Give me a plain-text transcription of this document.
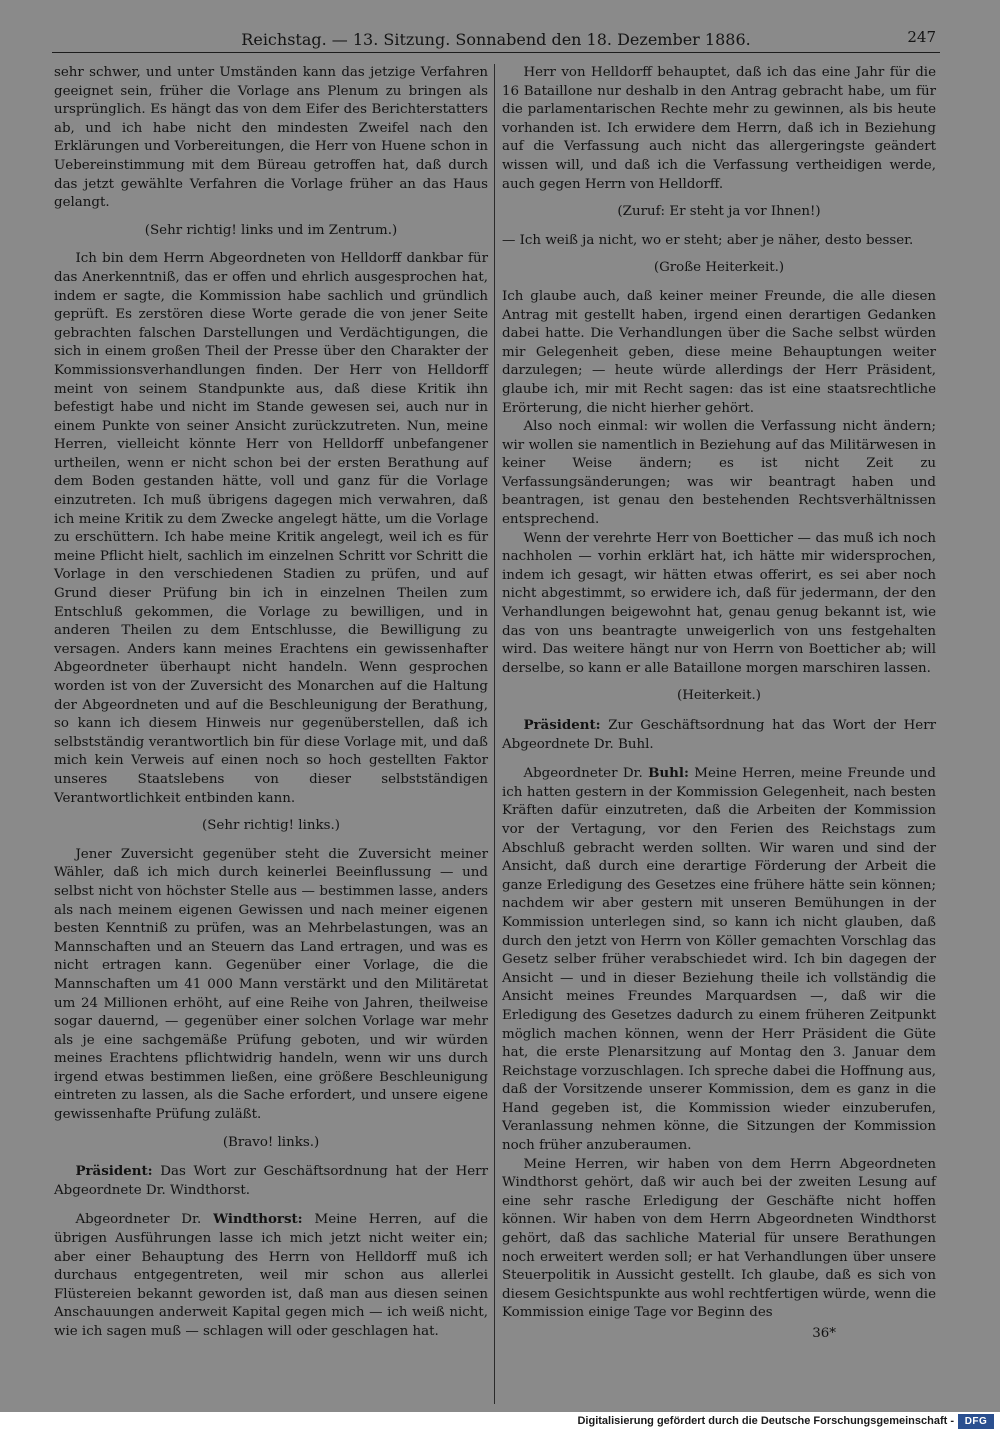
Reichstag. — 13. Sitzung. Sonnabend den 18. Dezember 1886.	247

sehr schwer, und unter Umständen kann das jetzige Verfahren geeignet sein, früher die Vorlage ans Plenum zu bringen als ursprünglich. Es hängt das von dem Eifer des Berichterstatters ab, und ich habe nicht den mindesten Zweifel nach den Erklärungen und Vorbereitungen, die Herr von Huene schon in Uebereinstimmung mit dem Büreau getroffen hat, daß durch das jetzt gewählte Verfahren die Vorlage früher an das Haus gelangt.

(Sehr richtig! links und im Zentrum.)

Ich bin dem Herrn Abgeordneten von Helldorff dankbar für das Anerkenntniß, das er offen und ehrlich ausgesprochen hat, indem er sagte, die Kommission habe sachlich und gründlich geprüft. Es zerstören diese Worte gerade die von jener Seite gebrachten falschen Darstellungen und Verdächtigungen, die sich in einem großen Theil der Presse über den Charakter der Kommissionsverhandlungen finden. Der Herr von Helldorff meint von seinem Standpunkte aus, daß diese Kritik ihn befestigt habe und nicht im Stande gewesen sei, auch nur in einem Punkte von seiner Ansicht zurückzutreten. Nun, meine Herren, vielleicht könnte Herr von Helldorff unbefangener urtheilen, wenn er nicht schon bei der ersten Berathung auf dem Boden gestanden hätte, voll und ganz für die Vorlage einzutreten. Ich muß übrigens dagegen mich verwahren, daß ich meine Kritik zu dem Zwecke angelegt hätte, um die Vorlage zu erschüttern. Ich habe meine Kritik angelegt, weil ich es für meine Pflicht hielt, sachlich im einzelnen Schritt vor Schritt die Vorlage in den verschiedenen Stadien zu prüfen, und auf Grund dieser Prüfung bin ich in einzelnen Theilen zum Entschluß gekommen, die Vorlage zu bewilligen, und in anderen Theilen zu dem Entschlusse, die Bewilligung zu versagen. Anders kann meines Erachtens ein gewissenhafter Abgeordneter überhaupt nicht handeln. Wenn gesprochen worden ist von der Zuversicht des Monarchen auf die Haltung der Abgeordneten und auf die Beschleunigung der Berathung, so kann ich diesem Hinweis nur gegenüberstellen, daß ich selbstständig verantwortlich bin für diese Vorlage mit, und daß mich kein Verweis auf einen noch so hoch gestellten Faktor unseres Staatslebens von dieser selbstständigen Verantwortlichkeit entbinden kann.

(Sehr richtig! links.)

Jener Zuversicht gegenüber steht die Zuversicht meiner Wähler, daß ich mich durch keinerlei Beeinflussung — und selbst nicht von höchster Stelle aus — bestimmen lasse, anders als nach meinem eigenen Gewissen und nach meiner eigenen besten Kenntniß zu prüfen, was an Mehrbelastungen, was an Mannschaften und an Steuern das Land ertragen, und was es nicht ertragen kann. Gegenüber einer Vorlage, die die Mannschaften um 41 000 Mann verstärkt und den Militäretat um 24 Millionen erhöht, auf eine Reihe von Jahren, theilweise sogar dauernd, — gegenüber einer solchen Vorlage war mehr als je eine sachgemäße Prüfung geboten, und wir würden meines Erachtens pflichtwidrig handeln, wenn wir uns durch irgend etwas bestimmen ließen, eine größere Beschleunigung eintreten zu lassen, als die Sache erfordert, und unsere eigene gewissenhafte Prüfung zuläßt.

(Bravo! links.)

Präsident: Das Wort zur Geschäftsordnung hat der Herr Abgeordnete Dr. Windthorst.

Abgeordneter Dr. Windthorst: Meine Herren, auf die übrigen Ausführungen lasse ich mich jetzt nicht weiter ein; aber einer Behauptung des Herrn von Helldorff muß ich durchaus entgegentreten, weil mir schon aus allerlei Flüstereien bekannt geworden ist, daß man aus diesen seinen Anschauungen anderweit Kapital gegen mich — ich weiß nicht, wie ich sagen muß — schlagen will oder geschlagen hat.

Herr von Helldorff behauptet, daß ich das eine Jahr für die 16 Bataillone nur deshalb in den Antrag gebracht habe, um für die parlamentarischen Rechte mehr zu gewinnen, als bis heute vorhanden ist. Ich erwidere dem Herrn, daß ich in Beziehung auf die Verfassung auch nicht das allergeringste geändert wissen will, und daß ich die Verfassung vertheidigen werde, auch gegen Herrn von Helldorff.

(Zuruf: Er steht ja vor Ihnen!)

— Ich weiß ja nicht, wo er steht; aber je näher, desto besser.

(Große Heiterkeit.)

Ich glaube auch, daß keiner meiner Freunde, die alle diesen Antrag mit gestellt haben, irgend einen derartigen Gedanken dabei hatte. Die Verhandlungen über die Sache selbst würden mir Gelegenheit geben, diese meine Behauptungen weiter darzulegen; — heute würde allerdings der Herr Präsident, glaube ich, mir mit Recht sagen: das ist eine staatsrechtliche Erörterung, die nicht hierher gehört.

Also noch einmal: wir wollen die Verfassung nicht ändern; wir wollen sie namentlich in Beziehung auf das Militärwesen in keiner Weise ändern; es ist nicht Zeit zu Verfassungsänderungen; was wir beantragt haben und beantragen, ist genau den bestehenden Rechtsverhältnissen entsprechend.

Wenn der verehrte Herr von Boetticher — das muß ich noch nachholen — vorhin erklärt hat, ich hätte mir widersprochen, indem ich gesagt, wir hätten etwas offerirt, es sei aber noch nicht abgestimmt, so erwidere ich, daß für jedermann, der den Verhandlungen beigewohnt hat, genau genug bekannt ist, wie das von uns beantragte unweigerlich von uns festgehalten wird. Das weitere hängt nur von Herrn von Boetticher ab; will derselbe, so kann er alle Bataillone morgen marschiren lassen.

(Heiterkeit.)

Präsident: Zur Geschäftsordnung hat das Wort der Herr Abgeordnete Dr. Buhl.

Abgeordneter Dr. Buhl: Meine Herren, meine Freunde und ich hatten gestern in der Kommission Gelegenheit, nach besten Kräften dafür einzutreten, daß die Arbeiten der Kommission vor der Vertagung, vor den Ferien des Reichstags zum Abschluß gebracht werden sollten. Wir waren und sind der Ansicht, daß durch eine derartige Förderung der Arbeit die ganze Erledigung des Gesetzes eine frühere hätte sein können; nachdem wir aber gestern mit unseren Bemühungen in der Kommission unterlegen sind, so kann ich nicht glauben, daß durch den jetzt von Herrn von Köller gemachten Vorschlag das Gesetz selber früher verabschiedet wird. Ich bin dagegen der Ansicht — und in dieser Beziehung theile ich vollständig die Ansicht meines Freundes Marquardsen —, daß wir die Erledigung des Gesetzes dadurch zu einem früheren Zeitpunkt möglich machen können, wenn der Herr Präsident die Güte hat, die erste Plenarsitzung auf Montag den 3. Januar dem Reichstage vorzuschlagen. Ich spreche dabei die Hoffnung aus, daß der Vorsitzende unserer Kommission, dem es ganz in die Hand gegeben ist, die Kommission wieder einzuberufen, Veranlassung nehmen könne, die Sitzungen der Kommission noch früher anzuberaumen.

Meine Herren, wir haben von dem Herrn Abgeordneten Windthorst gehört, daß wir auch bei der zweiten Lesung auf eine sehr rasche Erledigung der Geschäfte nicht hoffen können. Wir haben von dem Herrn Abgeordneten Windthorst gehört, daß das sachliche Material für unsere Berathungen noch erweitert werden soll; er hat Verhandlungen über unsere Steuerpolitik in Aussicht gestellt. Ich glaube, daß es sich von diesem Gesichtspunkte aus wohl rechtfertigen würde, wenn die Kommission einige Tage vor Beginn des

36*

Digitalisierung gefördert durch die Deutsche Forschungsgemeinschaft -	DFG
